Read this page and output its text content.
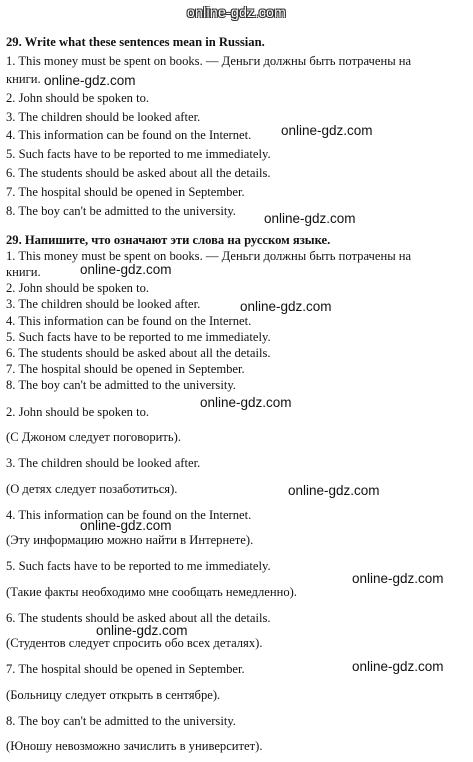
online-gdz.com
29. Write what these sentences mean in Russian.
1. This money must be spent on books. — Деньги должны быть потрачены на
книги.
2. John should be spoken to.
3. The children should be looked after.
4. This information can be found on the Internet.
5. Such facts have to be reported to me immediately.
6. The students should be asked about all the details.
7. The hospital should be opened in September.
8. The boy can't be admitted to the university.
29. Напишите, что означают эти слова на русском языке.
1. This money must be spent on books. — Деньги должны быть потрачены на
книги.
2. John should be spoken to.
3. The children should be looked after.
4. This information can be found on the Internet.
5. Such facts have to be reported to me immediately.
6. The students should be asked about all the details.
7. The hospital should be opened in September.
8. The boy can't be admitted to the university.
2. John should be spoken to.
(С Джоном следует поговорить).
3. The children should be looked after.
(О детях следует позаботиться).
4. This information can be found on the Internet.
(Эту информацию можно найти в Интернете).
5. Such facts have to be reported to me immediately.
(Такие факты необходимо мне сообщать немедленно).
6. The students should be asked about all the details.
(Студентов следует спросить обо всех деталях).
7. The hospital should be opened in September.
(Больницу следует открыть в сентябре).
8. The boy can't be admitted to the university.
(Юношу невозможно зачислить в университет).
online-gdz.com
online-gdz.com
online-gdz.com
online-gdz.com
online-gdz.com
online-gdz.com
online-gdz.com
online-gdz.com
online-gdz.com
online-gdz.com
online-gdz.com
